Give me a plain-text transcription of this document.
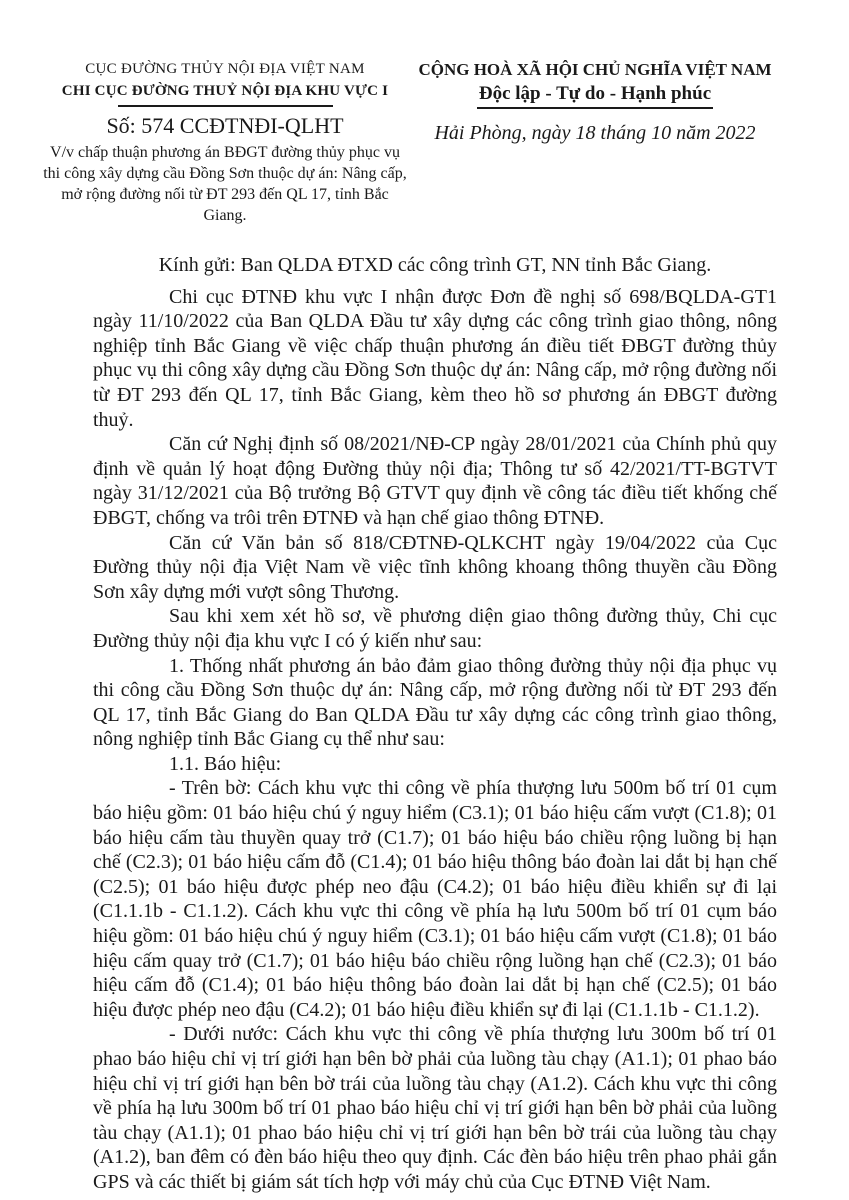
CỤC ĐƯỜNG THỦY NỘI ĐỊA VIỆT NAM
CHI CỤC ĐƯỜNG THUỶ NỘI ĐỊA KHU VỰC I
Số: 574 CCĐTNĐI-QLHT
V/v chấp thuận phương án BĐGT đường thủy phục vụ thi công xây dựng cầu Đồng Sơn thuộc dự án: Nâng cấp, mở rộng đường nối từ ĐT 293 đến QL 17, tỉnh Bắc Giang.
CỘNG HOÀ XÃ HỘI CHỦ NGHĨA VIỆT NAM
Độc lập - Tự do - Hạnh phúc
Hải Phòng, ngày 18 tháng 10 năm 2022

Kính gửi: Ban QLDA ĐTXD các công trình GT, NN tỉnh Bắc Giang.

Chi cục ĐTNĐ khu vực I nhận được Đơn đề nghị số 698/BQLDA-GT1 ngày 11/10/2022 của Ban QLDA Đầu tư xây dựng các công trình giao thông, nông nghiệp tỉnh Bắc Giang về việc chấp thuận phương án điều tiết ĐBGT đường thủy phục vụ thi công xây dựng cầu Đồng Sơn thuộc dự án: Nâng cấp, mở rộng đường nối từ ĐT 293 đến QL 17, tỉnh Bắc Giang, kèm theo hồ sơ phương án ĐBGT đường thuỷ.

Căn cứ Nghị định số 08/2021/NĐ-CP ngày 28/01/2021 của Chính phủ quy định về quản lý hoạt động Đường thủy nội địa; Thông tư số 42/2021/TT-BGTVT ngày 31/12/2021 của Bộ trưởng Bộ GTVT quy định về công tác điều tiết khống chế ĐBGT, chống va trôi trên ĐTNĐ và hạn chế giao thông ĐTNĐ.

Căn cứ Văn bản số 818/CĐTNĐ-QLKCHT ngày 19/04/2022 của Cục Đường thủy nội địa Việt Nam về việc tĩnh không khoang thông thuyền cầu Đồng Sơn xây dựng mới vượt sông Thương.

Sau khi xem xét hồ sơ, về phương diện giao thông đường thủy, Chi cục Đường thủy nội địa khu vực I có ý kiến như sau:

1. Thống nhất phương án bảo đảm giao thông đường thủy nội địa phục vụ thi công cầu Đồng Sơn thuộc dự án: Nâng cấp, mở rộng đường nối từ ĐT 293 đến QL 17, tỉnh Bắc Giang do Ban QLDA Đầu tư xây dựng các công trình giao thông, nông nghiệp tỉnh Bắc Giang cụ thể như sau:

1.1. Báo hiệu:

- Trên bờ: Cách khu vực thi công về phía thượng lưu 500m bố trí 01 cụm báo hiệu gồm: 01 báo hiệu chú ý nguy hiểm (C3.1); 01 báo hiệu cấm vượt (C1.8); 01 báo hiệu cấm tàu thuyền quay trở (C1.7); 01 báo hiệu báo chiều rộng luồng bị hạn chế (C2.3); 01 báo hiệu cấm đỗ (C1.4); 01 báo hiệu thông báo đoàn lai dắt bị hạn chế (C2.5); 01 báo hiệu được phép neo đậu (C4.2); 01 báo hiệu điều khiển sự đi lại (C1.1.1b - C1.1.2). Cách khu vực thi công về phía hạ lưu 500m bố trí 01 cụm báo hiệu gồm: 01 báo hiệu chú ý nguy hiểm (C3.1); 01 báo hiệu cấm vượt (C1.8); 01 báo hiệu cấm quay trở (C1.7); 01 báo hiệu báo chiều rộng luồng hạn chế (C2.3); 01 báo hiệu cấm đỗ (C1.4); 01 báo hiệu thông báo đoàn lai dắt bị hạn chế (C2.5); 01 báo hiệu được phép neo đậu (C4.2); 01 báo hiệu điều khiển sự đi lại (C1.1.1b - C1.1.2).

- Dưới nước: Cách khu vực thi công về phía thượng lưu 300m bố trí 01 phao báo hiệu chỉ vị trí giới hạn bên bờ phải của luồng tàu chạy (A1.1); 01 phao báo hiệu chỉ vị trí giới hạn bên bờ trái của luồng tàu chạy (A1.2). Cách khu vực thi công về phía hạ lưu 300m bố trí 01 phao báo hiệu chỉ vị trí giới hạn bên bờ phải của luồng tàu chạy (A1.1); 01 phao báo hiệu chỉ vị trí giới hạn bên bờ trái của luồng tàu chạy (A1.2), ban đêm có đèn báo hiệu theo quy định. Các đèn báo hiệu trên phao phải gắn GPS và các thiết bị giám sát tích hợp với máy chủ của Cục ĐTNĐ Việt Nam.
